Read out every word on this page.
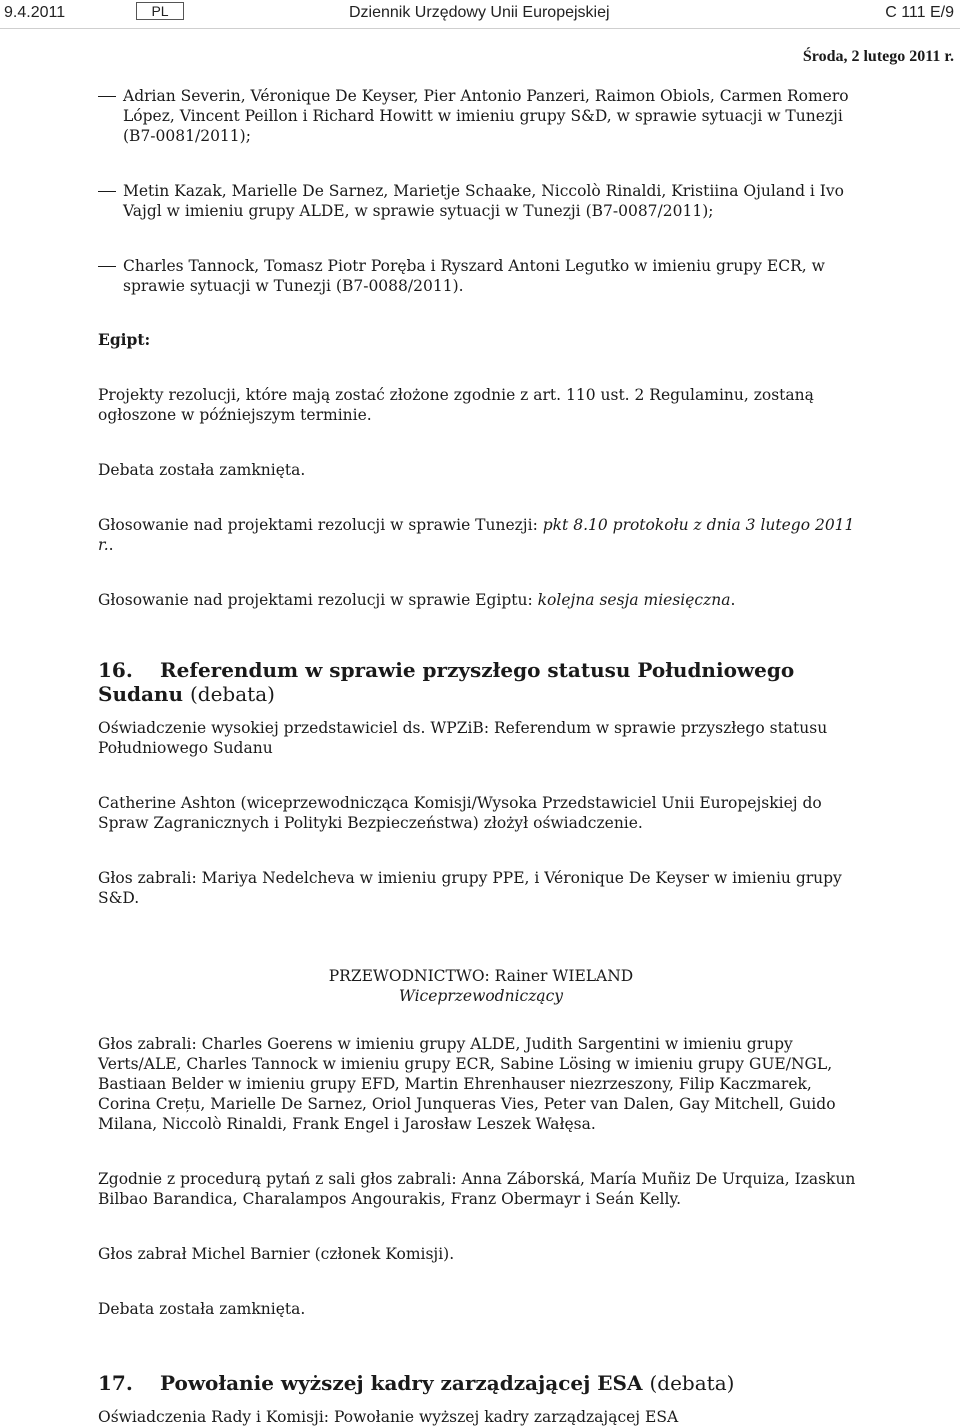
9.4.2011	PL	Dziennik Urzędowy Unii Europejskiej	C 111 E/9
Środa, 2 lutego 2011 r.

Adrian Severin, Véronique De Keyser, Pier Antonio Panzeri, Raimon Obiols, Carmen Romero López, Vincent Peillon i Richard Howitt w imieniu grupy S&D, w sprawie sytuacji w Tunezji (B7-0081/2011);

Metin Kazak, Marielle De Sarnez, Marietje Schaake, Niccolò Rinaldi, Kristiina Ojuland i Ivo Vajgl w imieniu grupy ALDE, w sprawie sytuacji w Tunezji (B7-0087/2011);

Charles Tannock, Tomasz Piotr Poręba i Ryszard Antoni Legutko w imieniu grupy ECR, w sprawie sytuacji w Tunezji (B7-0088/2011).

Egipt:

Projekty rezolucji, które mają zostać złożone zgodnie z art. 110 ust. 2 Regulaminu, zostaną ogłoszone w późniejszym terminie.

Debata została zamknięta.

Głosowanie nad projektami rezolucji w sprawie Tunezji: pkt 8.10 protokołu z dnia 3 lutego 2011 r..

Głosowanie nad projektami rezolucji w sprawie Egiptu: kolejna sesja miesięczna.

16. Referendum w sprawie przyszłego statusu Południowego Sudanu (debata)

Oświadczenie wysokiej przedstawiciel ds. WPZiB: Referendum w sprawie przyszłego statusu Południowego Sudanu

Catherine Ashton (wiceprzewodnicząca Komisji/Wysoka Przedstawiciel Unii Europejskiej do Spraw Zagranicznych i Polityki Bezpieczeństwa) złożył oświadczenie.

Głos zabrali: Mariya Nedelcheva w imieniu grupy PPE, i Véronique De Keyser w imieniu grupy S&D.

PRZEWODNICTWO: Rainer WIELAND
Wiceprzewodniczący

Głos zabrali: Charles Goerens w imieniu grupy ALDE, Judith Sargentini w imieniu grupy Verts/ALE, Charles Tannock w imieniu grupy ECR, Sabine Lösing w imieniu grupy GUE/NGL, Bastiaan Belder w imieniu grupy EFD, Martin Ehrenhauser niezrzeszony, Filip Kaczmarek, Corina Crețu, Marielle De Sarnez, Oriol Junqueras Vies, Peter van Dalen, Gay Mitchell, Guido Milana, Niccolò Rinaldi, Frank Engel i Jarosław Leszek Wałęsa.

Zgodnie z procedurą pytań z sali głos zabrali: Anna Záborská, María Muñiz De Urquiza, Izaskun Bilbao Barandica, Charalampos Angourakis, Franz Obermayr i Seán Kelly.

Głos zabrał Michel Barnier (członek Komisji).

Debata została zamknięta.

17. Powołanie wyższej kadry zarządzającej ESA (debata)

Oświadczenia Rady i Komisji: Powołanie wyższej kadry zarządzającej ESA
